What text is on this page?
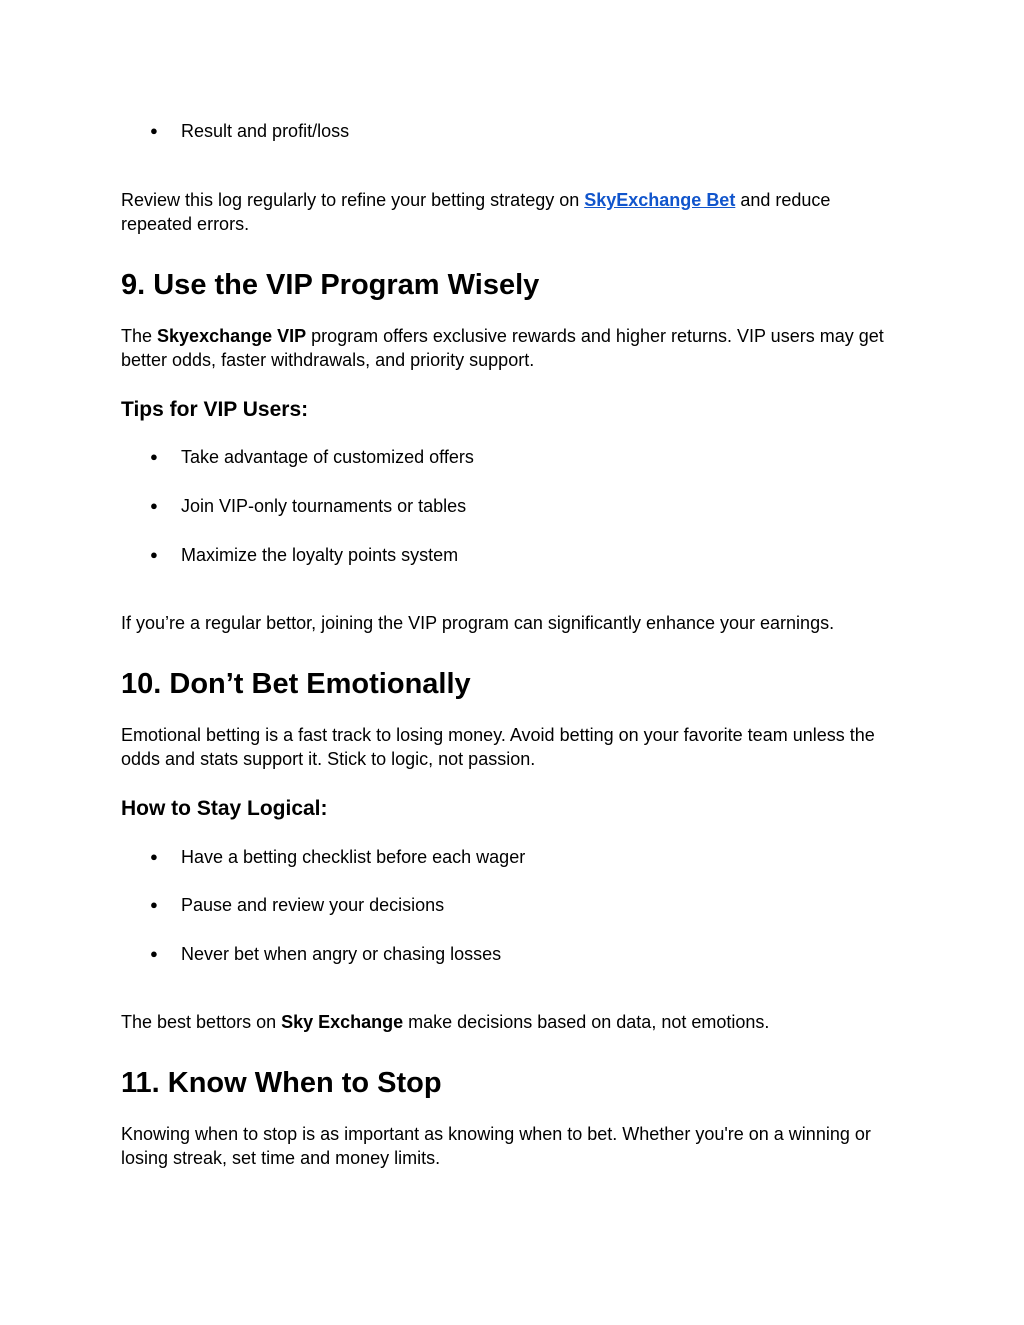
● Result and profit/loss

Review this log regularly to refine your betting strategy on SkyExchange Bet and reduce
repeated errors.

9. Use the VIP Program Wisely

The Skyexchange VIP program offers exclusive rewards and higher returns. VIP users may get
better odds, faster withdrawals, and priority support.

Tips for VIP Users:

● Take advantage of customized offers

● Join VIP-only tournaments or tables

● Maximize the loyalty points system

If you’re a regular bettor, joining the VIP program can significantly enhance your earnings.

10. Don’t Bet Emotionally

Emotional betting is a fast track to losing money. Avoid betting on your favorite team unless the
odds and stats support it. Stick to logic, not passion.

How to Stay Logical:

● Have a betting checklist before each wager

● Pause and review your decisions

● Never bet when angry or chasing losses

The best bettors on Sky Exchange make decisions based on data, not emotions.

11. Know When to Stop

Knowing when to stop is as important as knowing when to bet. Whether you're on a winning or
losing streak, set time and money limits.
